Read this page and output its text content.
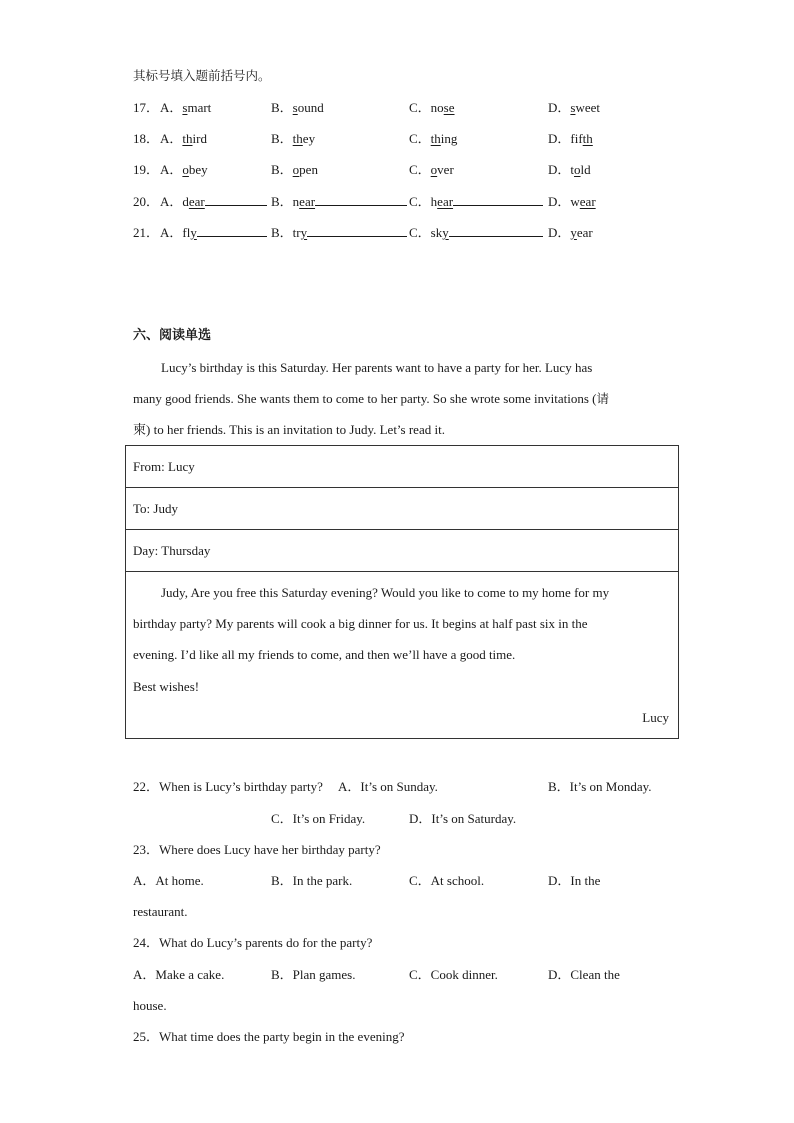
其标号填入题前括号内。
17． A．smart	B．sound	C．nose	D．sweet
18． A．third	B．they	C．thing	D．fifth
19． A．obey	B．open	C．over	D．told
20． A．dear	B．near	C．hear	D．wear
21． A．fly	B．try	C．sky	D．year
六、阅读单选
Lucy’s birthday is this Saturday. Her parents want to have a party for her. Lucy has
many good friends. She wants them to come to her party. So she wrote some invitations (请
柬) to her friends. This is an invitation to Judy. Let’s read it.
From: Lucy
To: Judy
Day: Thursday

Judy, Are you free this Saturday evening? Would you like to come to my home for my
birthday party? My parents will cook a big dinner for us. It begins at half past six in the
evening. I’d like all my friends to come, and then we’ll have a good time.
Best wishes!
Lucy
22．When is Lucy’s birthday party? A．It’s on Sunday.	B．It’s on Monday.
C．It’s on Friday.	D．It’s on Saturday.
23．Where does Lucy have her birthday party?
A．At home.	B．In the park.	C．At school.	D．In the
restaurant.
24．What do Lucy’s parents do for the party?
A．Make a cake.	B．Plan games.	C．Cook dinner.	D．Clean the
house.
25．What time does the party begin in the evening?
